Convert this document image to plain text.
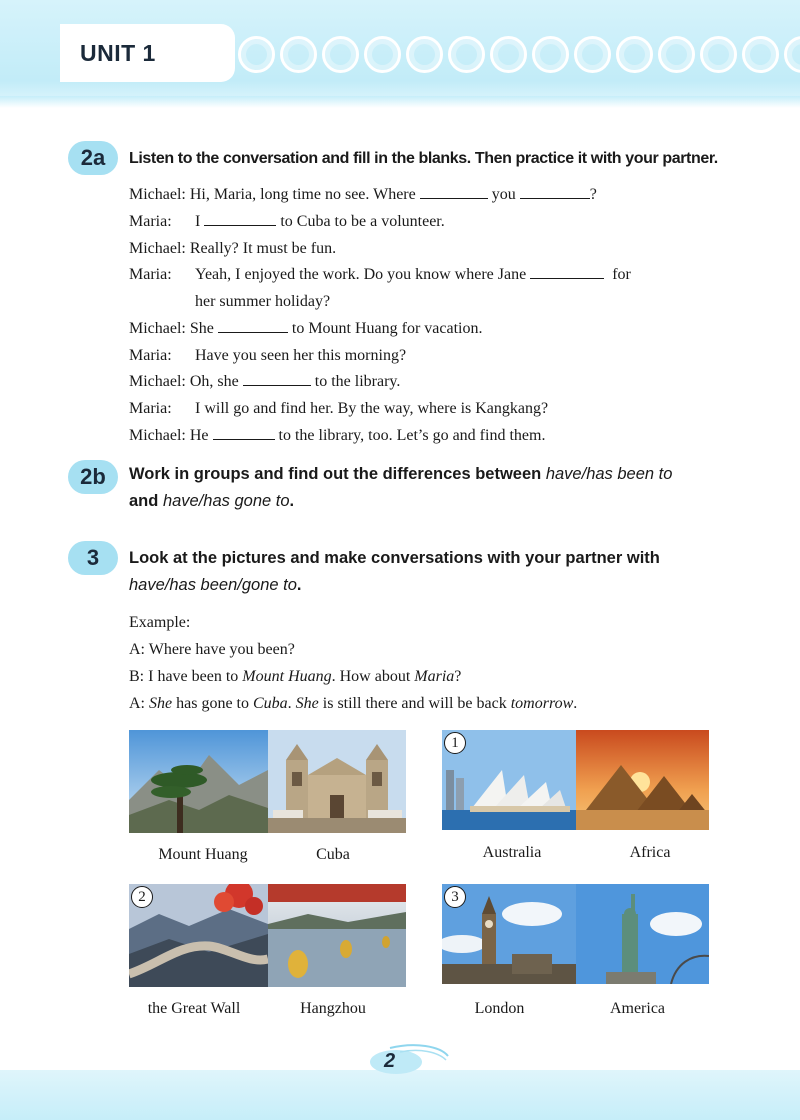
UNIT 1
2a	Listen to the conversation and fill in the blanks. Then practice it with your partner.
Michael: Hi, Maria, long time no see. Where	you	?
Maria: I	to Cuba to be a volunteer.
Michael: Really? It must be fun.
Maria: Yeah, I enjoyed the work. Do you know where Jane	for
her summer holiday?
Michael: She	to Mount Huang for vacation.
Maria: Have you seen her this morning?
Michael: Oh, she	to the library.
Maria: I will go and find her. By the way, where is Kangkang?
Michael: He	to the library, too. Let’s go and find them.
2b	Work in groups and find out the differences between have/has been to
and have/has gone to.
3	Look at the pictures and make conversations with your partner with
have/has been/gone to.
Example:
A: Where have you been?
B: I have been to Mount Huang. How about Maria?
A: She has gone to Cuba. She is still there and will be back tomorrow.
Mount Huang	Cuba
1
Australia	Africa
2
the Great Wall	Hangzhou
3
London	America
2
